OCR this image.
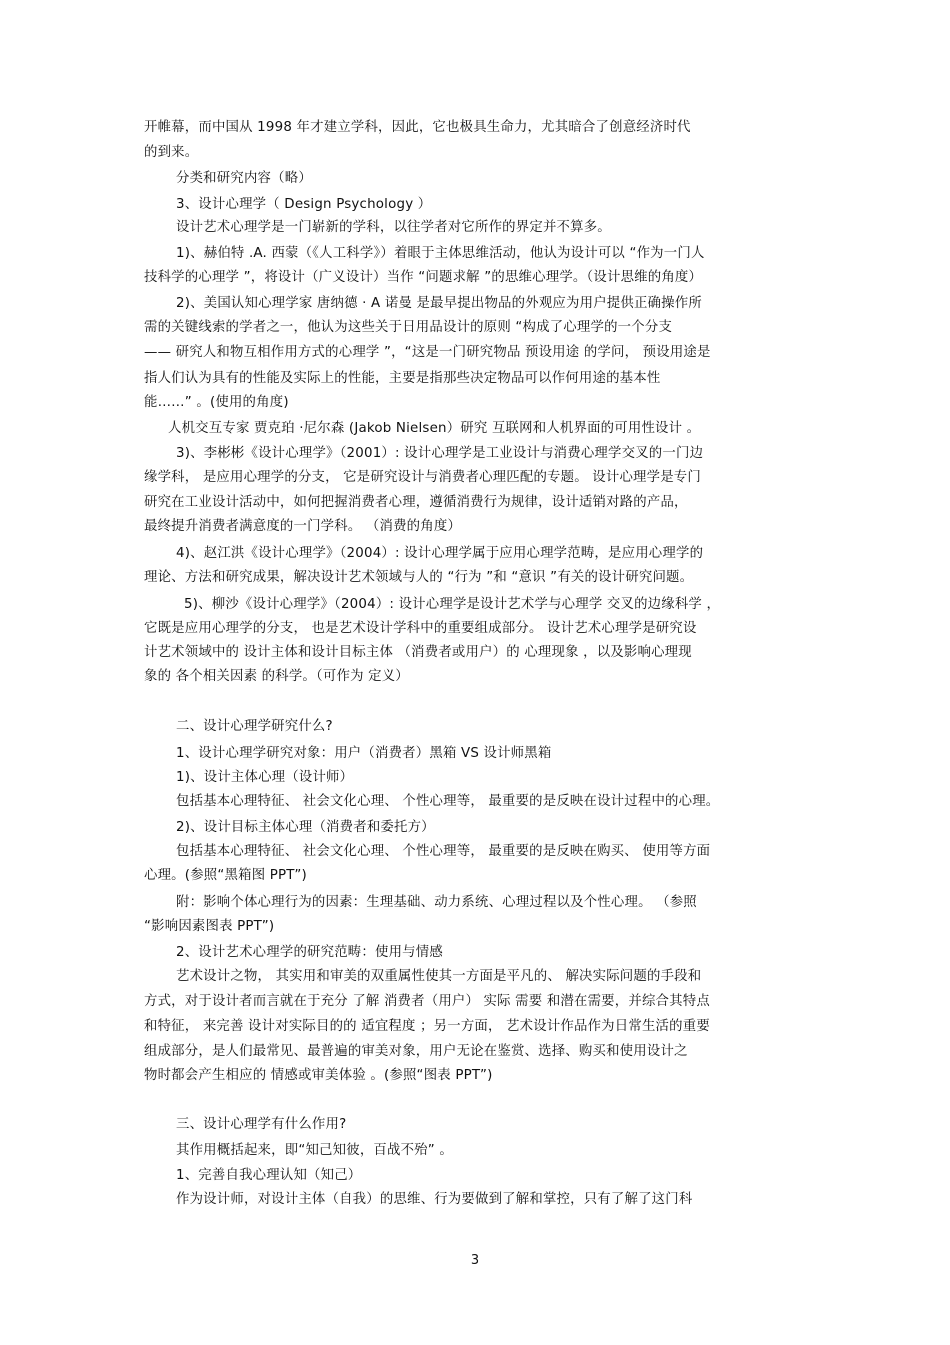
开帷幕，而中国从 1998 年才建立学科，因此，它也极具生命力，尤其暗合了创意经济时代
的到来。
分类和研究内容（略）
3、设计心理学（ Design Psychology ）
设计艺术心理学是一门崭新的学科，以往学者对它所作的界定并不算多。
1)、赫伯特 .A. 西蒙（《人工科学》）着眼于主体思维活动，他认为设计可以 “作为一门人
技科学的心理学 ”，将设计（广义设计）当作 “问题求解 ”的思维心理学。（设计思维的角度）
2)、美国认知心理学家 唐纳德 · A 诺曼 是最早提出物品的外观应为用户提供正确操作所
需的关键线索的学者之一，他认为这些关于日用品设计的原则 “构成了心理学的一个分支
—— 研究人和物互相作用方式的心理学 ”，“这是一门研究物品 预设用途 的学问， 预设用途是
指人们认为具有的性能及实际上的性能，主要是指那些决定物品可以作何用途的基本性
能……” 。(使用的角度)
人机交互专家 贾克珀 ·尼尔森 (Jakob Nielsen）研究 互联网和人机界面的可用性设计 。
3)、李彬彬《设计心理学》（2001）: 设计心理学是工业设计与消费心理学交叉的一门边
缘学科， 是应用心理学的分支， 它是研究设计与消费者心理匹配的专题。 设计心理学是专门
研究在工业设计活动中，如何把握消费者心理，遵循消费行为规律，设计适销对路的产品，
最终提升消费者满意度的一门学科。 （消费的角度）
4)、赵江洪《设计心理学》（2004）: 设计心理学属于应用心理学范畴，是应用心理学的
理论、方法和研究成果，解决设计艺术领域与人的 “行为 ”和 “意识 ”有关的设计研究问题。
5)、柳沙《设计心理学》（2004）: 设计心理学是设计艺术学与心理学 交叉的边缘科学 ，
它既是应用心理学的分支， 也是艺术设计学科中的重要组成部分。 设计艺术心理学是研究设
计艺术领域中的 设计主体和设计目标主体 （消费者或用户）的 心理现象 ，以及影响心理现
象的 各个相关因素 的科学。（可作为 定义）
二、设计心理学研究什么?
1、设计心理学研究对象：用户（消费者）黑箱 VS 设计师黑箱
1)、设计主体心理（设计师）
包括基本心理特征、 社会文化心理、 个性心理等， 最重要的是反映在设计过程中的心理。
2)、设计目标主体心理（消费者和委托方）
包括基本心理特征、 社会文化心理、 个性心理等， 最重要的是反映在购买、 使用等方面
心理。(参照“黑箱图 PPT”)
附：影响个体心理行为的因素：生理基础、动力系统、心理过程以及个性心理。 （参照
“影响因素图表 PPT”)
2、设计艺术心理学的研究范畴：使用与情感
艺术设计之物， 其实用和审美的双重属性使其一方面是平凡的、 解决实际问题的手段和
方式，对于设计者而言就在于充分 了解 消费者（用户） 实际 需要 和潜在需要，并综合其特点
和特征， 来完善 设计对实际目的的 适宜程度 ；另一方面， 艺术设计作品作为日常生活的重要
组成部分，是人们最常见、最普遍的审美对象，用户无论在鉴赏、选择、购买和使用设计之
物时都会产生相应的 情感或审美体验 。(参照“图表 PPT”)
三、设计心理学有什么作用?
其作用概括起来，即“知己知彼，百战不殆” 。
1、完善自我心理认知（知己）
作为设计师，对设计主体（自我）的思维、行为要做到了解和掌控，只有了解了这门科
3
